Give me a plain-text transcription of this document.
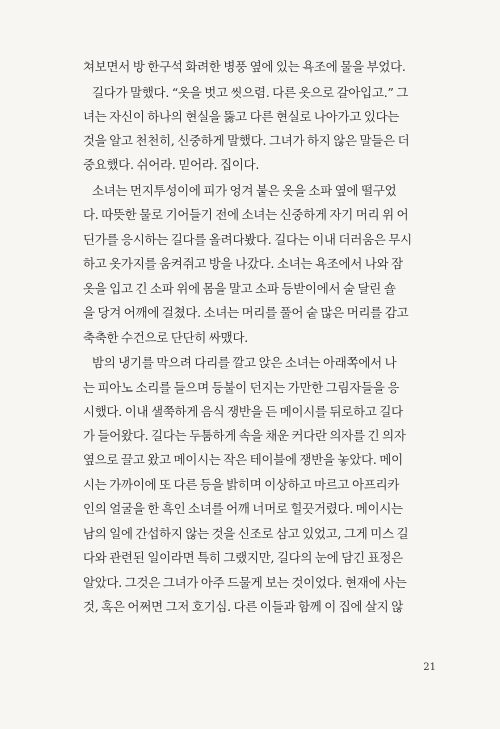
쳐보면서 방 한구석 화려한 병풍 옆에 있는 욕조에 물을 부었다.
길다가 말했다. “옷을 벗고 씻으렴. 다른 옷으로 갈아입고.” 그
녀는 자신이 하나의 현실을 뚫고 다른 현실로 나아가고 있다는
것을 알고 천천히, 신중하게 말했다. 그녀가 하지 않은 말들은 더
중요했다. 쉬어라. 믿어라. 집이다.
소녀는 먼지투성이에 피가 엉겨 붙은 옷을 소파 옆에 떨구었
다. 따뜻한 물로 기어들기 전에 소녀는 신중하게 자기 머리 위 어
딘가를 응시하는 길다를 올려다봤다. 길다는 이내 더러움은 무시
하고 옷가지를 움켜쥐고 방을 나갔다. 소녀는 욕조에서 나와 잠
옷을 입고 긴 소파 위에 몸을 말고 소파 등받이에서 술 달린 숄
을 당겨 어깨에 걸쳤다. 소녀는 머리를 풀어 숱 많은 머리를 감고
축축한 수건으로 단단히 싸맸다.
밤의 냉기를 막으려 다리를 깔고 앉은 소녀는 아래쪽에서 나
는 피아노 소리를 들으며 등불이 던지는 가만한 그림자들을 응
시했다. 이내 샐쭉하게 음식 쟁반을 든 메이시를 뒤로하고 길다
가 들어왔다. 길다는 두툼하게 속을 채운 커다란 의자를 긴 의자
옆으로 끌고 왔고 메이시는 작은 테이블에 쟁반을 놓았다. 메이
시는 가까이에 또 다른 등을 밝히며 이상하고 마르고 아프리카
인의 얼굴을 한 흑인 소녀를 어깨 너머로 힐끗거렸다. 메이시는
남의 일에 간섭하지 않는 것을 신조로 삼고 있었고, 그게 미스 길
다와 관련된 일이라면 특히 그랬지만, 길다의 눈에 담긴 표정은
알았다. 그것은 그녀가 아주 드물게 보는 것이었다. 현재에 사는
것, 혹은 어쩌면 그저 호기심. 다른 이들과 함께 이 집에 살지 않
21
